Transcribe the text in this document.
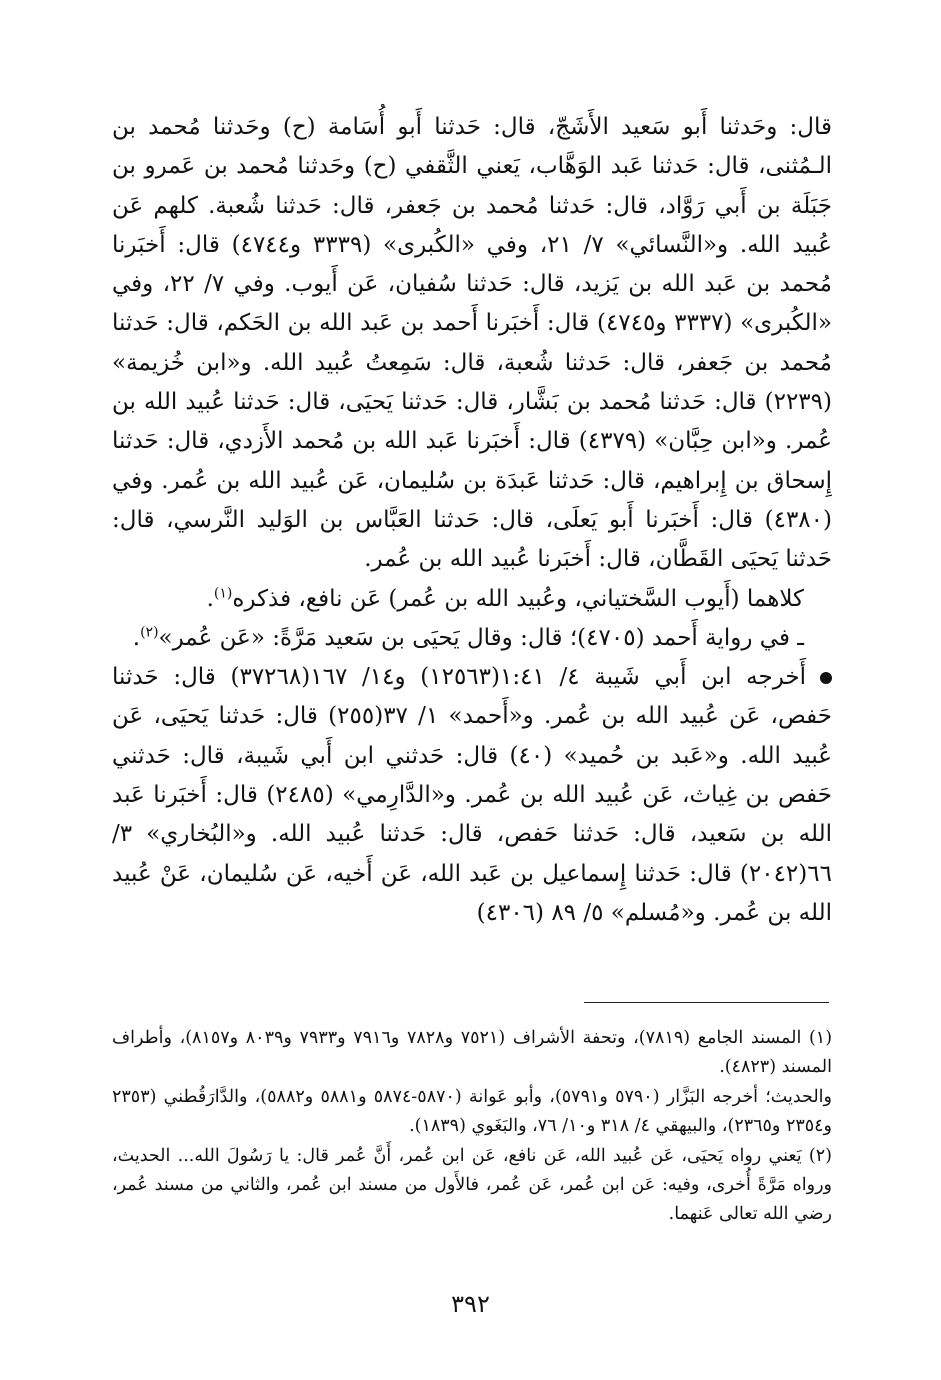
قال: وحَدثنا أَبو سَعيد الأَشَجّ، قال: حَدثنا أَبو أُسَامة (ح) وحَدثنا مُحمد بن الـمُثنى، قال: حَدثنا عَبد الوَهَّاب، يَعني الثَّقفي (ح) وحَدثنا مُحمد بن عَمرو بن جَبَلَة بن أَبي رَوَّاد، قال: حَدثنا مُحمد بن جَعفر، قال: حَدثنا شُعبة. كلهم عَن عُبيد الله. و«النَّسائي» ٧/ ٢١، وفي «الكُبرى» (٣٣٣٩ و٤٧٤٤) قال: أَخبَرنا مُحمد بن عَبد الله بن يَزيد، قال: حَدثنا سُفيان، عَن أَيوب. وفي ٧/ ٢٢، وفي «الكُبرى» (٣٣٣٧ و٤٧٤٥) قال: أَخبَرنا أَحمد بن عَبد الله بن الحَكم، قال: حَدثنا مُحمد بن جَعفر، قال: حَدثنا شُعبة، قال: سَمِعتُ عُبيد الله. و«ابن خُزيمة» (٢٢٣٩) قال: حَدثنا مُحمد بن بَشَّار، قال: حَدثنا يَحيَى، قال: حَدثنا عُبيد الله بن عُمر. و«ابن حِبَّان» (٤٣٧٩) قال: أَخبَرنا عَبد الله بن مُحمد الأَزدي، قال: حَدثنا إِسحاق بن إِبراهيم، قال: حَدثنا عَبدَة بن سُليمان، عَن عُبيد الله بن عُمر. وفي (٤٣٨٠) قال: أَخبَرنا أَبو يَعلَى، قال: حَدثنا العَبَّاس بن الوَليد النَّرسي، قال: حَدثنا يَحيَى القَطَّان، قال: أَخبَرنا عُبيد الله بن عُمر.

كلاهما (أَيوب السَّختياني، وعُبيد الله بن عُمر) عَن نافع، فذكره$^{(١)}$.

ـ في رواية أَحمد (٤٧٠٥)؛ قال: وقال يَحيَى بن سَعيد مَرَّةً: «عَن عُمر»$^{(٢)}$.

أَخرجه ابن أَبي شَيبة ٤/ ١:٤١(١٢٥٦٣) و١٤/ ١٦٧(٣٧٢٦٨) قال: حَدثنا حَفص، عَن عُبيد الله بن عُمر. و«أَحمد» ١/ ٣٧(٢٥٥) قال: حَدثنا يَحيَى، عَن عُبيد الله. و«عَبد بن حُميد» (٤٠) قال: حَدثني ابن أَبي شَيبة، قال: حَدثني حَفص بن غِياث، عَن عُبيد الله بن عُمر. و«الدَّارِمي» (٢٤٨٥) قال: أَخبَرنا عَبد الله بن سَعيد، قال: حَدثنا حَفص، قال: حَدثنا عُبيد الله. و«البُخاري» ٣/ ٦٦(٢٠٤٢) قال: حَدثنا إِسماعيل بن عَبد الله، عَن أَخيه، عَن سُليمان، عَنْ عُبيد الله بن عُمر. و«مُسلم» ٥/ ٨٩ (٤٣٠٦)

(١) المسند الجامع (٧٨١٩)، وتحفة الأشراف (٧٥٢١ و٧٨٢٨ و٧٩١٦ و٧٩٣٣ و٨٠٣٩ و٨١٥٧)، وأطراف المسند (٤٨٢٣).

والحديث؛ أخرجه البَزَّار (٥٧٩٠ و٥٧٩١)، وأبو عَوانة (٥٨٧٠-٥٨٧٤ و٥٨٨١ و٥٨٨٢)، والدَّارَقُطني (٢٣٥٣ و٢٣٥٤ و٢٣٦٥)، والبيهقي ٤/ ٣١٨ و١٠/ ٧٦، والبَغَوي (١٨٣٩).

(٢) يَعني رواه يَحيَى، عَن عُبيد الله، عَن نافع، عَن ابن عُمر، أَنَّ عُمر قال: يا رَسُولَ الله... الحديث، ورواه مَرَّةً أُخرى، وفيه: عَن ابن عُمر، عَن عُمر، فالأَول من مسند ابن عُمر، والثاني من مسند عُمر، رضي الله تعالى عَنهما.

٣٩٢
